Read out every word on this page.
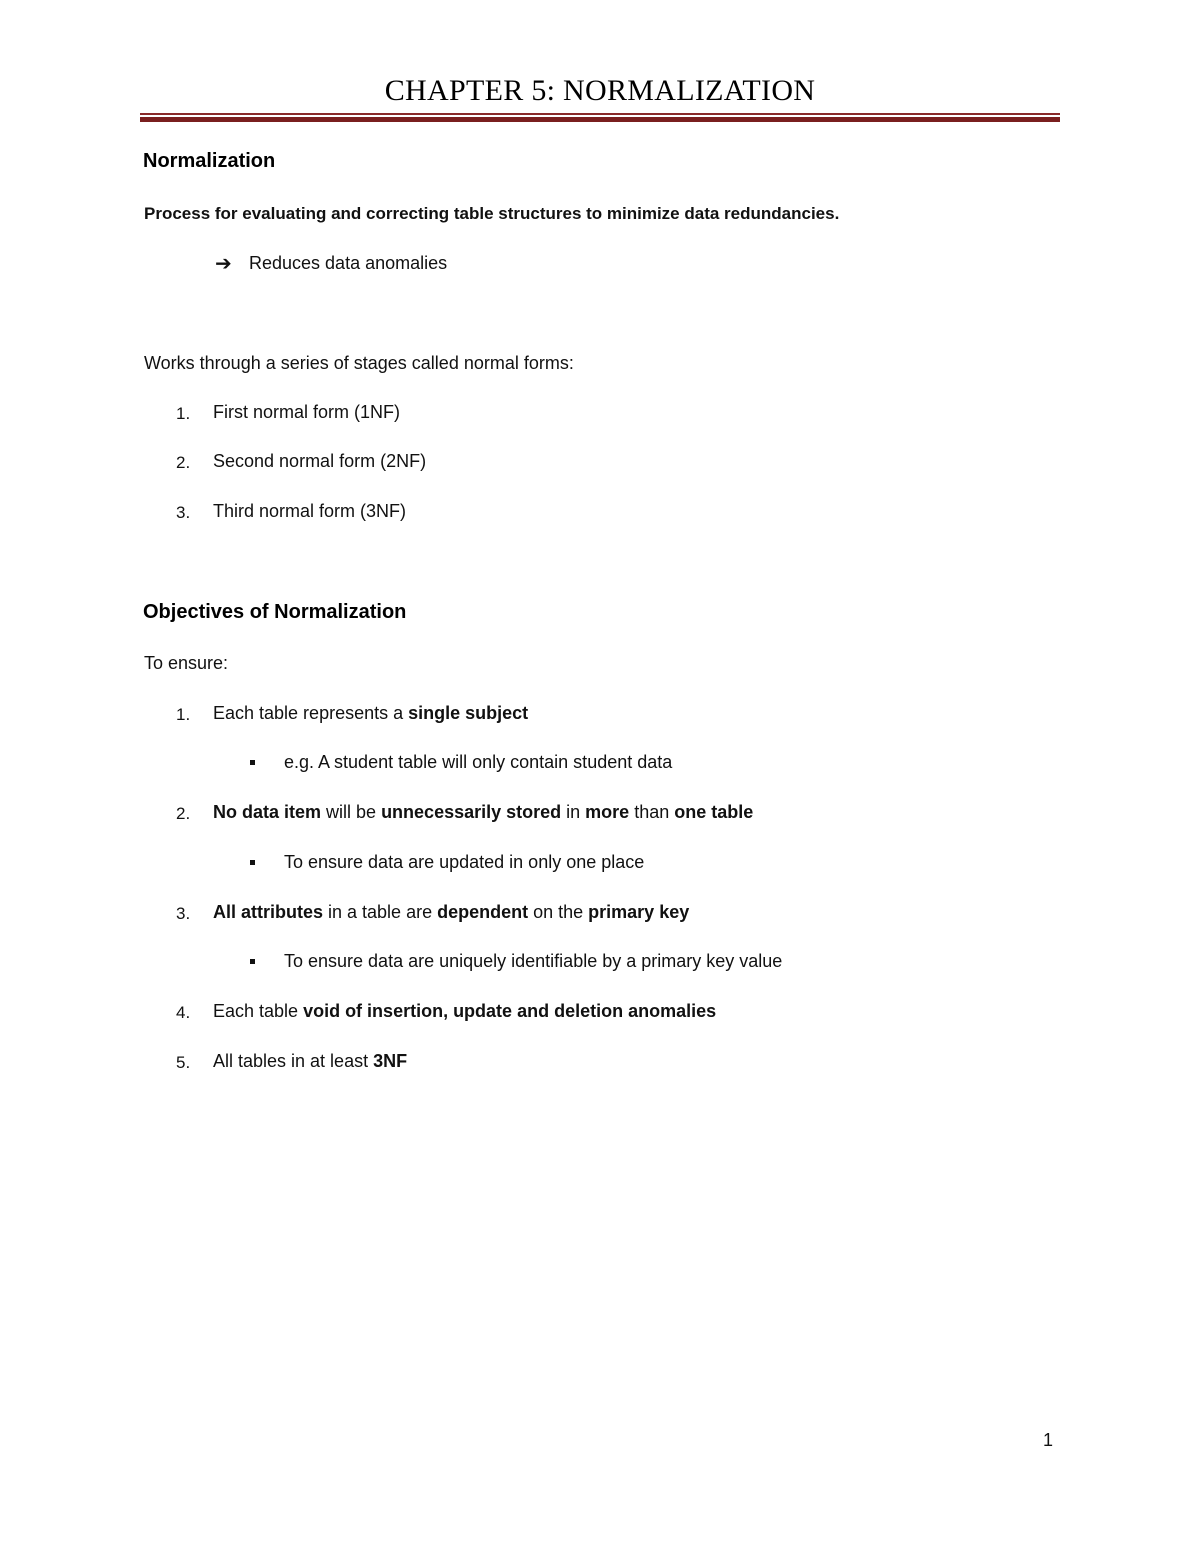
CHAPTER 5: NORMALIZATION
Normalization
Process for evaluating and correcting table structures to minimize data redundancies.
➔ Reduces data anomalies
Works through a series of stages called normal forms:
1. First normal form (1NF)
2. Second normal form (2NF)
3. Third normal form (3NF)
Objectives of Normalization
To ensure:
1. Each table represents a single subject
e.g. A student table will only contain student data
2. No data item will be unnecessarily stored in more than one table
To ensure data are updated in only one place
3. All attributes in a table are dependent on the primary key
To ensure data are uniquely identifiable by a primary key value
4. Each table void of insertion, update and deletion anomalies
5. All tables in at least 3NF
1
